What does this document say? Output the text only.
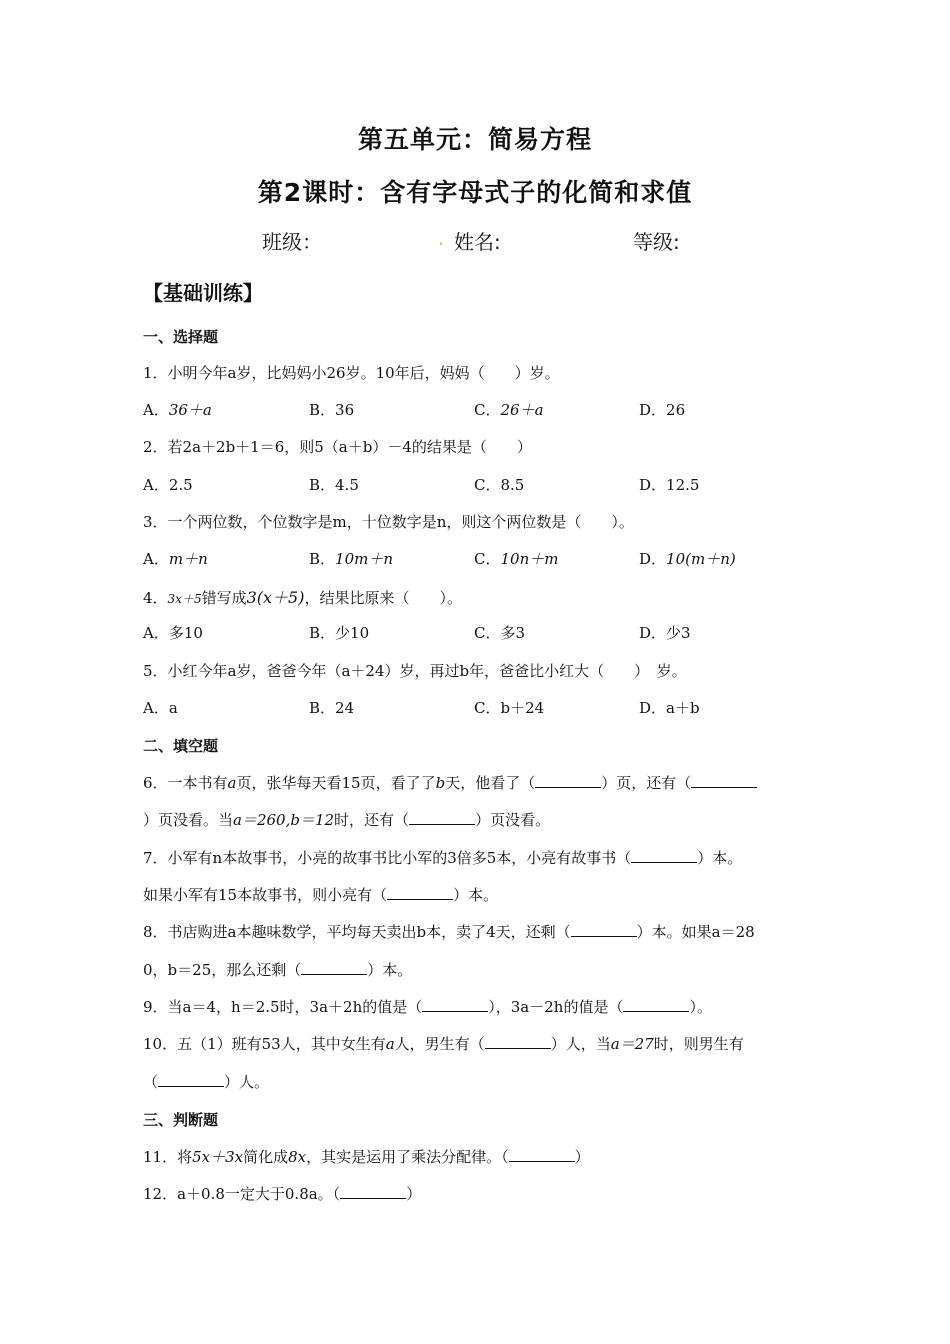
第五单元：简易方程
第2课时：含有字母式子的化简和求值
班级：	. 姓名:	等级:
【基础训练】
一、选择题
1．小明今年a岁，比妈妈小26岁。10年后，妈妈（　　）岁。
A．36＋a	B．36	C．26＋a	D．26
2．若2a＋2b＋1＝6，则5（a＋b）－4的结果是（　　）
A．2.5	B．4.5	C．8.5	D．12.5
3．一个两位数，个位数字是m，十位数字是n，则这个两位数是（　　）。
A．m＋n	B．10m＋n	C．10n＋m	D．10(m＋n)
4．3x＋5错写成3(x＋5)，结果比原来（　　）。
A．多10	B．少10	C．多3	D．少3
5．小红今年a岁，爸爸今年（a＋24）岁，再过b年，爸爸比小红大（　　）　岁。
A．a	B．24	C．b＋24	D．a＋b
二、填空题
6．一本书有a页，张华每天看15页，看了了b天，他看了（	）页，还有（
）页没看。当a＝260,b＝12时，还有（	）页没看。
7．小军有n本故事书，小亮的故事书比小军的3倍多5本，小亮有故事书（	）本。
如果小军有15本故事书，则小亮有（	）本。
8．书店购进a本趣味数学，平均每天卖出b本，卖了4天，还剩（	）本。如果a＝28
0，b＝25，那么还剩（	）本。
9．当a＝4，h＝2.5时，3a＋2h的值是（	），3a－2h的值是（	）。
10．五（1）班有53人，其中女生有a人，男生有（	）人，当a＝27时，则男生有
（	）人。
三、判断题
11．将5x＋3x简化成8x，其实是运用了乘法分配律。（	）
12．a＋0.8一定大于0.8a。（	）
